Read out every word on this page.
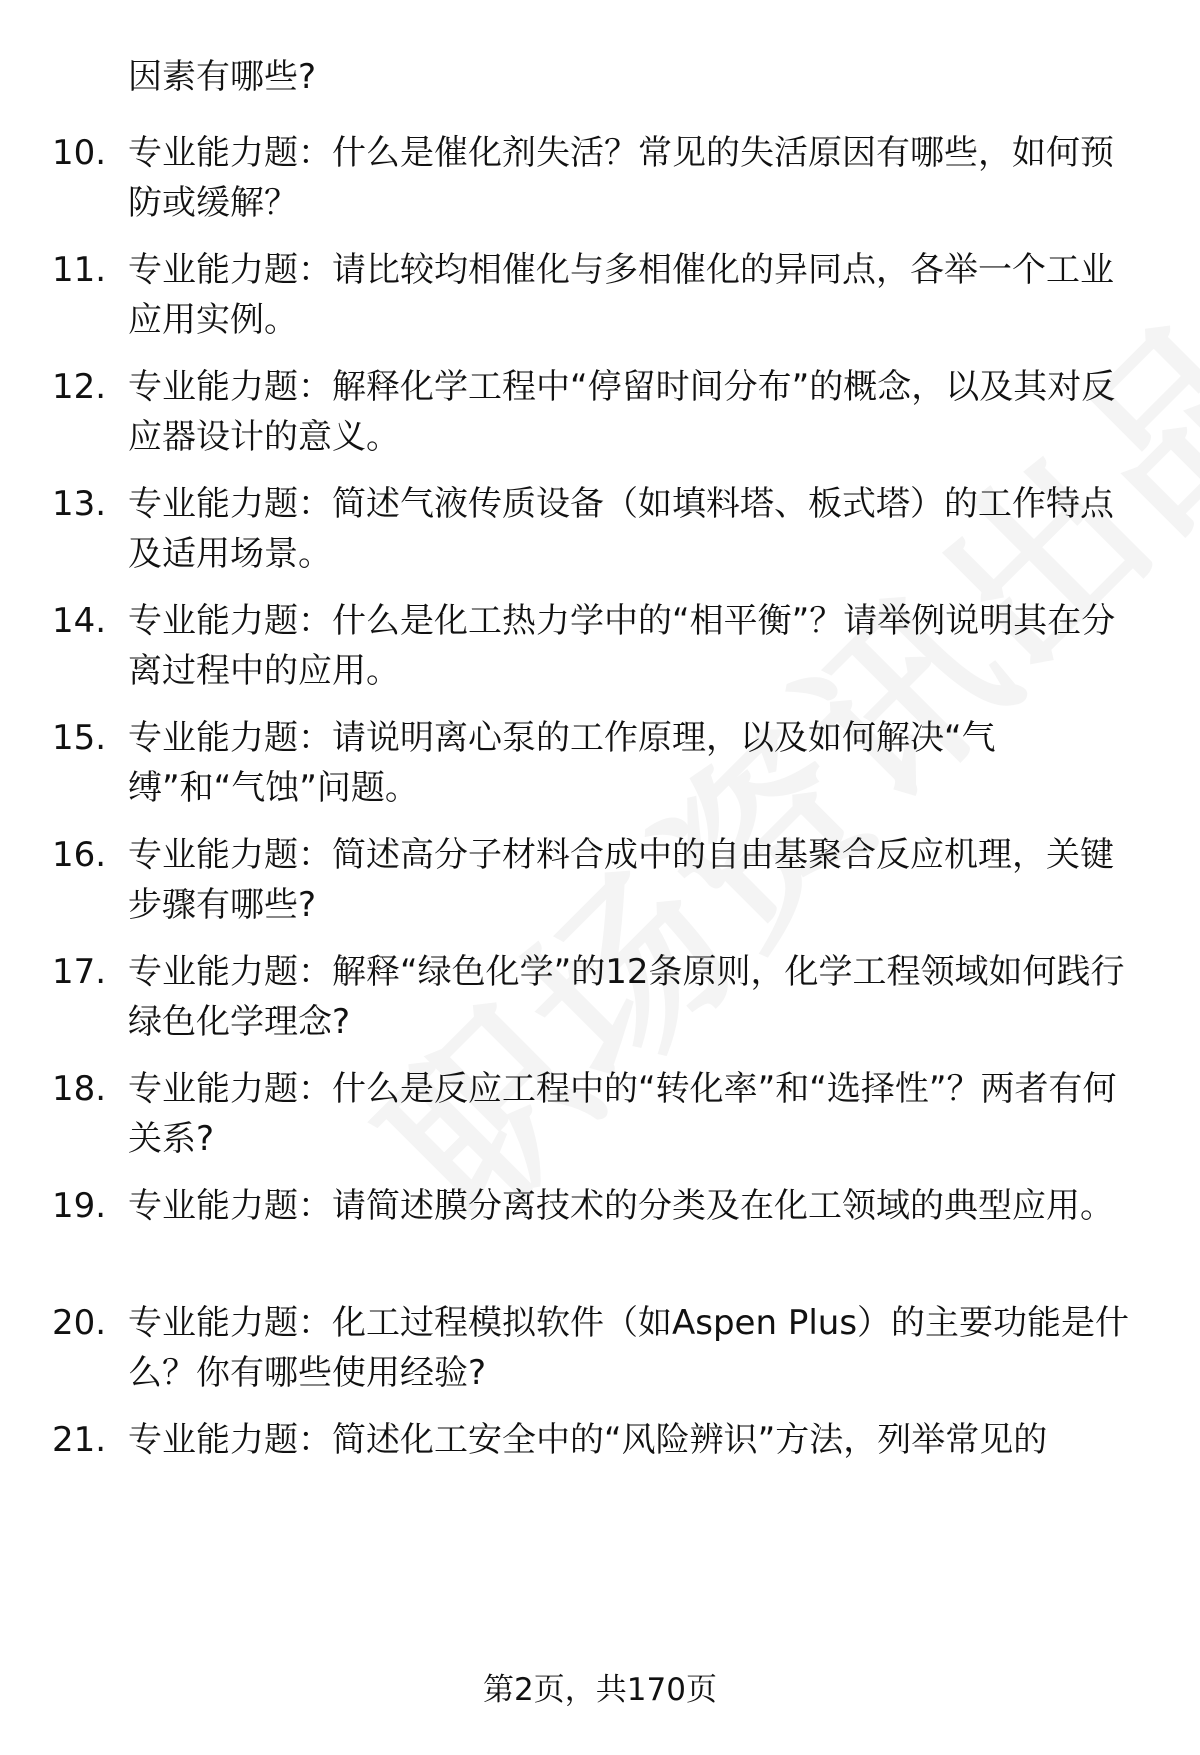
因素有哪些?
10. 专业能力题：什么是催化剂失活？常见的失活原因有哪些，如何预防或缓解？
11. 专业能力题：请比较均相催化与多相催化的异同点，各举一个工业应用实例。
12. 专业能力题：解释化学工程中“停留时间分布”的概念，以及其对反应器设计的意义。
13. 专业能力题：简述气液传质设备（如填料塔、板式塔）的工作特点及适用场景。
14. 专业能力题：什么是化工热力学中的“相平衡”？请举例说明其在分离过程中的应用。
15. 专业能力题：请说明离心泵的工作原理，以及如何解决“气缚”和“气蚀”问题。
16. 专业能力题：简述高分子材料合成中的自由基聚合反应机理，关键步骤有哪些?
17. 专业能力题：解释“绿色化学”的12条原则，化学工程领域如何践行绿色化学理念?
18. 专业能力题：什么是反应工程中的“转化率”和“选择性”？两者有何关系?
19. 专业能力题：请简述膜分离技术的分类及在化工领域的典型应用。
20. 专业能力题：化工过程模拟软件（如Aspen Plus）的主要功能是什么？你有哪些使用经验?
21. 专业能力题：简述化工安全中的“风险辨识”方法，列举常见的
第2页，共170页
